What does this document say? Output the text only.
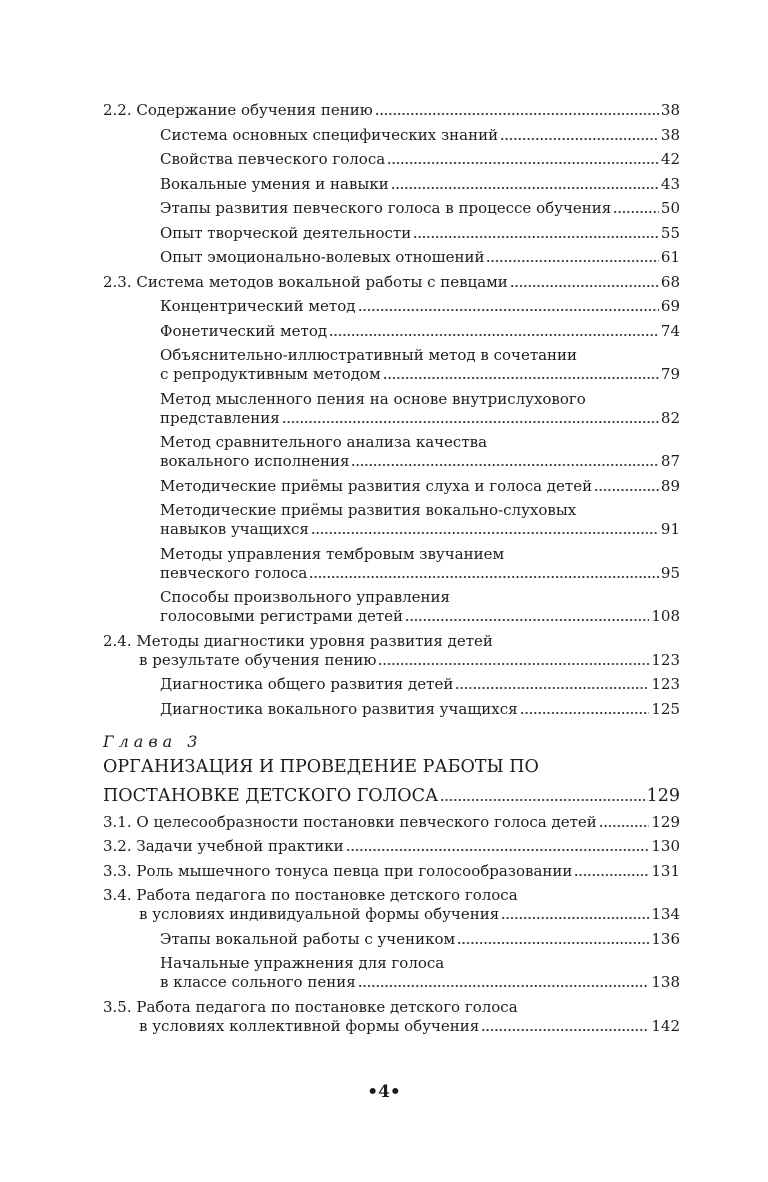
2.2. Содержание обучения пению	38
Система основных специфических знаний	38
Свойства певческого голоса	42
Вокальные умения и навыки	43
Этапы развития певческого голоса в процессе обучения	50
Опыт творческой деятельности	55
Опыт эмоционально-волевых отношений	61
2.3. Система методов вокальной работы с певцами	68
Концентрический метод	69
Фонетический метод	74
Объяснительно-иллюстративный метод в сочетании
с репродуктивным методом	79
Метод мысленного пения на основе внутрислухового
представления	82
Метод сравнительного анализа качества
вокального исполнения	87
Методические приёмы развития слуха и голоса детей	89
Методические приёмы развития вокально-слуховых
навыков учащихся	91
Методы управления тембровым звучанием
певческого голоса	95
Способы произвольного управления
голосовыми регистрами детей	108
2.4. Методы диагностики уровня развития детей
в результате обучения пению	123
Диагностика общего развития детей	123
Диагностика вокального развития учащихся	125
Глава 3
ОРГАНИЗАЦИЯ И ПРОВЕДЕНИЕ РАБОТЫ ПО
ПОСТАНОВКЕ ДЕТСКОГО ГОЛОСА	129
3.1. О целесообразности постановки певческого голоса детей	129
3.2. Задачи учебной практики	130
3.3. Роль мышечного тонуса певца при голосообразовании	131
3.4. Работа педагога по постановке детского голоса
в условиях индивидуальной формы обучения	134
Этапы вокальной работы с учеником	136
Начальные упражнения для голоса
в классе сольного пения	138
3.5. Работа педагога по постановке детского голоса
в условиях коллективной формы обучения	142
•4•
